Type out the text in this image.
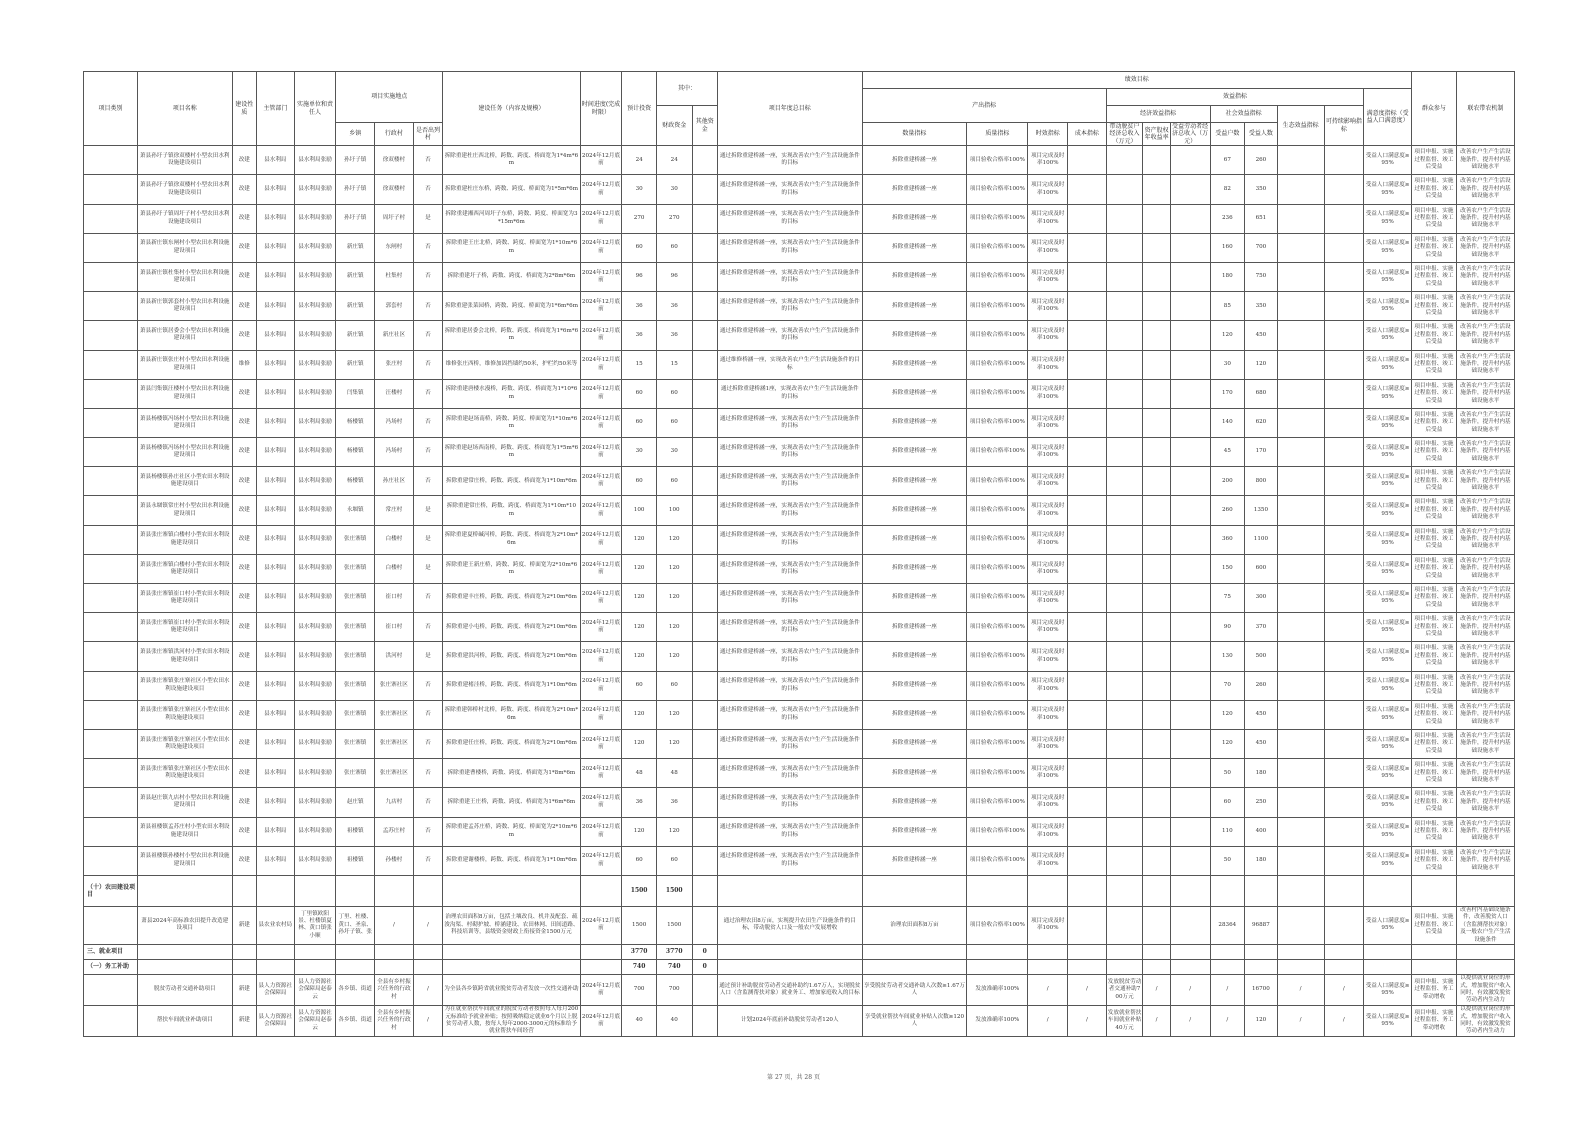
项目类别	项目名称	建设性质	主管部门	实施单位和责任人	项目实施地点			建设任务（内容及规模）	时间进度(完成时限）	预计投资	其中：		项目年度总目标	绩效目标												群众参与	联农带农机制
														产出指标				效益指标							满意度指标（受益人口满意度）		
											财政资金	其他资金						经济效益指标			社会效益指标		生态效益指标	可持续影响指标			
					乡镇	行政村	是否出列村							数量指标	质量指标	时效指标	成本指标	带动脱贫户经济总收入（万元）	资产股权年收益率	受益劳动者经济总收入（万元）	受益户数	受益人数					

	萧县孙圩子镇徐双楼村小型农田水利设施建设项目	改建	县水利局	县水利局张励	孙圩子镇	徐双楼村	否	拆除重建杜庄西北桥，跨数、跨度、桥面宽为1*4m*6m	2024年12月底前	24	24		通过拆除重建桥涵一座，实现改善农户生产生活设施条件的目标	拆除重建桥涵一座	项目验收合格率100%	项目完成及时率100%					67	260			受益人口满意度≥95%	项目申报、实施过程监督、竣工后受益	改善农户生产生活设施条件，提升村内基础设施水平
	萧县孙圩子镇徐双楼村小型农田水利设施建设项目	改建	县水利局	县水利局张励	孙圩子镇	徐双楼村	否	拆除重建杜庄东桥，跨数、跨度、桥面宽为1*5m*6m	2024年12月底前	30	30		通过拆除重建桥涵一座，实现改善农户生产生活设施条件的目标	拆除重建桥涵一座	项目验收合格率100%	项目完成及时率100%					82	350			受益人口满意度≥95%	项目申报、实施过程监督、竣工后受益	改善农户生产生活设施条件，提升村内基础设施水平
	萧县孙圩子镇周圩子村小型农田水利设施建设项目	改建	县水利局	县水利局张励	孙圩子镇	周圩子村	是	拆除重建湘西河周圩子东桥，跨数、跨度、桥面宽为3*15m*6m	2024年12月底前	270	270		通过拆除重建桥涵一座，实现改善农户生产生活设施条件的目标	拆除重建桥涵一座	项目验收合格率100%	项目完成及时率100%					236	651			受益人口满意度≥95%	项目申报、实施过程监督、竣工后受益	改善农户生产生活设施条件，提升村内基础设施水平
	萧县新庄镇东闸村小型农田水利设施建设项目	改建	县水利局	县水利局张励	新庄镇	东闸村	否	拆除重建王庄北桥，跨数、跨度、桥面宽为1*10m*6m	2024年12月底前	60	60		通过拆除重建桥涵一座，实现改善农户生产生活设施条件的目标	拆除重建桥涵一座	项目验收合格率100%	项目完成及时率100%					160	700			受益人口满意度≥95%	项目申报、实施过程监督、竣工后受益	改善农户生产生活设施条件，提升村内基础设施水平
	萧县新庄镇杜集村小型农田水利设施建设项目	改建	县水利局	县水利局张励	新庄镇	杜集村	否	拆除重建圩子桥，跨数、跨度、桥面宽为2*8m*6m	2024年12月底前	96	96		通过拆除重建桥涵一座，实现改善农户生产生活设施条件的目标	拆除重建桥涵一座	项目验收合格率100%	项目完成及时率100%					180	750			受益人口满意度≥95%	项目申报、实施过程监督、竣工后受益	改善农户生产生活设施条件，提升村内基础设施水平
	萧县新庄镇郭套村小型农田水利设施建设项目	改建	县水利局	县水利局张励	新庄镇	郭套村	否	拆除重建张菜园桥，跨数、跨度、桥面宽为1*6m*6m	2024年12月底前	36	36		通过拆除重建桥涵一座，实现改善农户生产生活设施条件的目标	拆除重建桥涵一座	项目验收合格率100%	项目完成及时率100%					85	350			受益人口满意度≥95%	项目申报、实施过程监督、竣工后受益	改善农户生产生活设施条件，提升村内基础设施水平
	萧县新庄镇居委会小型农田水利设施建设项目	改建	县水利局	县水利局张励	新庄镇	新庄社区	否	拆除重建居委会北桥，跨数、跨度、桥面宽为1*6m*6m	2024年12月底前	36	36		通过拆除重建桥涵一座，实现改善农户生产生活设施条件的目标	拆除重建桥涵一座	项目验收合格率100%	项目完成及时率100%					120	450			受益人口满意度≥95%	项目申报、实施过程监督、竣工后受益	改善农户生产生活设施条件，提升村内基础设施水平
	萧县新庄镇张庄村小型农田水利设施建设项目	维修	县水利局	县水利局张励	新庄镇	张庄村	否	维修张庄西桥，维修加固挡墙约50米，护栏约50米等	2024年12月底前	15	15		通过维修桥涵一座，实现改善农户生产生活设施条件的目标	拆除重建桥涵一座	项目验收合格率100%	项目完成及时率100%					30	120			受益人口满意度≥95%	项目申报、实施过程监督、竣工后受益	改善农户生产生活设施条件，提升村内基础设施水平
	萧县闫集镇汪楼村小型农田水利设施建设项目	改建	县水利局	县水利局张励	闫集镇	汪楼村	否	拆除重建唐楼水漫桥，跨数、跨度、桥面宽为1*10*6m	2024年12月底前	60	60		通过拆除重建桥涵1座，实现改善农户生产生活设施条件的目标	拆除重建桥涵一座	项目验收合格率100%	项目完成及时率100%					170	680			受益人口满意度≥95%	项目申报、实施过程监督、竣工后受益	改善农户生产生活设施条件，提升村内基础设施水平
	萧县杨楼镇冯场村小型农田水利设施建设项目	改建	县水利局	县水利局张励	杨楼镇	冯场村	否	拆除重建赵场南桥，跨数、跨度、桥面宽为1*10m*6m	2024年12月底前	60	60		通过拆除重建桥涵一座，实现改善农户生产生活设施条件的目标	拆除重建桥涵一座	项目验收合格率100%	项目完成及时率100%					140	620			受益人口满意度≥95%	项目申报、实施过程监督、竣工后受益	改善农户生产生活设施条件，提升村内基础设施水平
	萧县杨楼镇冯场村小型农田水利设施建设项目	改建	县水利局	县水利局张励	杨楼镇	冯场村	否	拆除重建赵场西南桥，跨数、跨度、桥面宽为1*5m*6m	2024年12月底前	30	30		通过拆除重建桥涵一座，实现改善农户生产生活设施条件的目标	拆除重建桥涵一座	项目验收合格率100%	项目完成及时率100%					45	170			受益人口满意度≥95%	项目申报、实施过程监督、竣工后受益	改善农户生产生活设施条件，提升村内基础设施水平
	萧县杨楼镇孙庄社区小型农田水利设施建设项目	改建	县水利局	县水利局张励	杨楼镇	孙庄社区	否	拆除重建常庄桥，跨数、跨度、桥面宽为1*10m*6m	2024年12月底前	60	60		通过拆除重建桥涵一座，实现改善农户生产生活设施条件的目标	拆除重建桥涵一座	项目验收合格率100%	项目完成及时率100%					200	800			受益人口满意度≥95%	项目申报、实施过程监督、竣工后受益	改善农户生产生活设施条件，提升村内基础设施水平
	萧县永堌镇常庄村小型农田水利设施建设项目	改建	县水利局	县水利局张励	永堌镇	常庄村	是	拆除重建常庄桥，跨数、跨度、桥面宽为1*10m*10m	2024年12月底前	100	100		通过拆除重建桥涵一座，实现改善农户生产生活设施条件的目标	拆除重建桥涵一座	项目验收合格率100%	项目完成及时率100%					260	1350			受益人口满意度≥95%	项目申报、实施过程监督、竣工后受益	改善农户生产生活设施条件，提升村内基础设施水平
	萧县张庄寨镇白楼村小型农田水利设施建设项目	改建	县水利局	县水利局张励	张庄寨镇	白楼村	是	拆除重建夏桥碱河桥，跨数、跨度、桥面宽为2*10m*6m	2024年12月底前	120	120		通过拆除重建桥涵一座，实现改善农户生产生活设施条件的目标	拆除重建桥涵一座	项目验收合格率100%	项目完成及时率100%					360	1100			受益人口满意度≥95%	项目申报、实施过程监督、竣工后受益	改善农户生产生活设施条件，提升村内基础设施水平
	萧县张庄寨镇白楼村小型农田水利设施建设项目	改建	县水利局	县水利局张励	张庄寨镇	白楼村	是	拆除重建王新庄桥，跨数、跨度、桥面宽为2*10m*6m	2024年12月底前	120	120		通过拆除重建桥涵一座，实现改善农户生产生活设施条件的目标	拆除重建桥涵一座	项目验收合格率100%	项目完成及时率100%					150	600			受益人口满意度≥95%	项目申报、实施过程监督、竣工后受益	改善农户生产生活设施条件，提升村内基础设施水平
	萧县张庄寨镇崔口村小型农田水利设施建设项目	改建	县水利局	县水利局张励	张庄寨镇	崔口村	否	拆除重建丰庄桥，跨数、跨度、桥面宽为2*10m*6m	2024年12月底前	120	120		通过拆除重建桥涵一座，实现改善农户生产生活设施条件的目标	拆除重建桥涵一座	项目验收合格率100%	项目完成及时率100%					75	300			受益人口满意度≥95%	项目申报、实施过程监督、竣工后受益	改善农户生产生活设施条件，提升村内基础设施水平
	萧县张庄寨镇崔口村小型农田水利设施建设项目	改建	县水利局	县水利局张励	张庄寨镇	崔口村	否	拆除重建小屯桥，跨数、跨度、桥面宽为2*10m*6m	2024年12月底前	120	120		通过拆除重建桥涵一座，实现改善农户生产生活设施条件的目标	拆除重建桥涵一座	项目验收合格率100%	项目完成及时率100%					90	370			受益人口满意度≥95%	项目申报、实施过程监督、竣工后受益	改善农户生产生活设施条件，提升村内基础设施水平
	萧县张庄寨镇洪河村小型农田水利设施建设项目	改建	县水利局	县水利局张励	张庄寨镇	洪河村	是	拆除重建洪河桥，跨数、跨度、桥面宽为2*10m*6m	2024年12月底前	120	120		通过拆除重建桥涵一座，实现改善农户生产生活设施条件的目标	拆除重建桥涵一座	项目验收合格率100%	项目完成及时率100%					130	500			受益人口满意度≥95%	项目申报、实施过程监督、竣工后受益	改善农户生产生活设施条件，提升村内基础设施水平
	萧县张庄寨镇张庄寨社区小型农田水利设施建设项目	改建	县水利局	县水利局张励	张庄寨镇	张庄寨社区	否	拆除重建楮洼桥，跨数、跨度、桥面宽为1*10m*6m	2024年12月底前	60	60		通过拆除重建桥涵一座，实现改善农户生产生活设施条件的目标	拆除重建桥涵一座	项目验收合格率100%	项目完成及时率100%					70	260			受益人口满意度≥95%	项目申报、实施过程监督、竣工后受益	改善农户生产生活设施条件，提升村内基础设施水平
	萧县张庄寨镇张庄寨社区小型农田水利设施建设项目	改建	县水利局	县水利局张励	张庄寨镇	张庄寨社区	否	拆除重建韩桥村北桥，跨数、跨度、桥面宽为2*10m*6m	2024年12月底前	120	120		通过拆除重建桥涵一座，实现改善农户生产生活设施条件的目标	拆除重建桥涵一座	项目验收合格率100%	项目完成及时率100%					120	450			受益人口满意度≥95%	项目申报、实施过程监督、竣工后受益	改善农户生产生活设施条件，提升村内基础设施水平
	萧县张庄寨镇张庄寨社区小型农田水利设施建设项目	改建	县水利局	县水利局张励	张庄寨镇	张庄寨社区	否	拆除重建任庄桥，跨数、跨度、桥面宽为2*10m*6m	2024年12月底前	120	120		通过拆除重建桥涵一座，实现改善农户生产生活设施条件的目标	拆除重建桥涵一座	项目验收合格率100%	项目完成及时率100%					120	450			受益人口满意度≥95%	项目申报、实施过程监督、竣工后受益	改善农户生产生活设施条件，提升村内基础设施水平
	萧县张庄寨镇张庄寨社区小型农田水利设施建设项目	改建	县水利局	县水利局张励	张庄寨镇	张庄寨社区	否	拆除重建曹楼桥，跨数、跨度、桥面宽为1*8m*6m	2024年12月底前	48	48		通过拆除重建桥涵一座，实现改善农户生产生活设施条件的目标	拆除重建桥涵一座	项目验收合格率100%	项目完成及时率100%					50	180			受益人口满意度≥95%	项目申报、实施过程监督、竣工后受益	改善农户生产生活设施条件，提升村内基础设施水平
	萧县赵庄镇九店村小型农田水利设施建设项目	改建	县水利局	县水利局张励	赵庄镇	九店村	否	拆除重建王庄桥，跨数、跨度、桥面宽为1*6m*6m	2024年12月底前	36	36		通过拆除重建桥涵一座，实现改善农户生产生活设施条件的目标	拆除重建桥涵一座	项目验收合格率100%	项目完成及时率100%					60	250			受益人口满意度≥95%	项目申报、实施过程监督、竣工后受益	改善农户生产生活设施条件，提升村内基础设施水平
	萧县祖楼镇孟苏庄村小型农田水利设施建设项目	改建	县水利局	县水利局张励	祖楼镇	孟苏庄村	否	拆除重建孟苏庄桥，跨数、跨度、桥面宽为2*10m*6m	2024年12月底前	120	120		通过拆除重建桥涵一座，实现改善农户生产生活设施条件的目标	拆除重建桥涵一座	项目验收合格率100%	项目完成及时率100%					110	400			受益人口满意度≥95%	项目申报、实施过程监督、竣工后受益	改善农户生产生活设施条件，提升村内基础设施水平
	萧县祖楼镇孙楼村小型农田水利设施建设项目	改建	县水利局	县水利局张励	祖楼镇	孙楼村	否	拆除重建谢楼桥，跨数、跨度、桥面宽为1*10m*6m	2024年12月底前	60	60		通过拆除重建桥涵一座，实现改善农户生产生活设施条件的目标	拆除重建桥涵一座	项目验收合格率100%	项目完成及时率100%					50	180			受益人口满意度≥95%	项目申报、实施过程监督、竣工后受益	改善农户生产生活设施条件，提升村内基础设施水平
（十）农田建设项目										1500	1500																
	萧县2024年高标准农田提升改造建设项目	新建	县农业农村局	丁里镇欧阳景、杜楼镇夏林、黄口镇张小顺	丁里、杜楼、黄口、圣泉、孙圩子镇、张	/	/	治理农田面积8万亩，包括土壤改良、机井及配套、疏浚沟渠、村砌护坡、桥涵建设、农田林网、田间道路、科技培训等，县级资金财政上衔接资金1500万元	2024年12月底前	1500	1500		通过治理农田8万亩，实现提升农田生产设施条件的目标，带动脱贫人口及一般农户发展增收	治理农田面积8万亩	项目验收合格率100%	项目完成及时率100%					28364	96887			受益人口满意度≥95%	项目申报、实施过程监督、竣工后受益	改善村内基础设施条件，改善脱贫人口（含监测帮扶对象）及一般农户生产生活设施条件
三、就业项目										3770	3770	0															
（一）务工补助										740	740	0															
	脱贫劳动者交通补助项目	新建	县人力资源社会保障局	县人力资源社会保障局赵泰云	各乡镇、街道	全县有乡村振兴任务的行政村	/	为全县各乡镇跨省就业脱贫劳动者发放一次性交通补助	2024年12月底前	700	700		通过预计补助脱贫劳动者交通补助约1.67万人，实现脱贫人口（含监测帮扶对象）就业务工、增加家庭收入的目标	享受脱贫劳动者交通补助人次数≥1.67万人	发放准确率100%	/	/	发放脱贫劳动者交通补助700万元	/	/	/	16700	/	/	受益人口满意度≥95%	项目申报、实施过程监督、务工带动增收	以提供就业岗位的形式，增加脱贫户收入同时，有效激发脱贫劳动者内生动力
	帮扶车间就业补助项目	新建	县人力资源社会保障局	县人力资源社会保障局赵泰云	各乡镇、街道	全县有乡村振兴任务的行政村	/	为在就业帮扶车间就业的脱贫劳动者按照每人每月200元标准给予就业补贴；按照吸纳稳定就业6个月以上脱贫劳动者人数，按每人每年2000-3000元的标准给予就业帮扶车间经营	2024年12月底前	40	40		计划2024年底前补助脱贫劳动者120人	享受就业帮扶车间就业补贴人次数≥120人	发放准确率100%	/	/	发放就业帮扶车间就业补贴40万元	/	/	/	120	/	/	受益人口满意度≥95%	项目申报、实施过程监督、务工带动增收	以提供就业岗位的形式，增加脱贫户收入同时，有效激发脱贫劳动者内生动力
第 27 页，共 28 页
